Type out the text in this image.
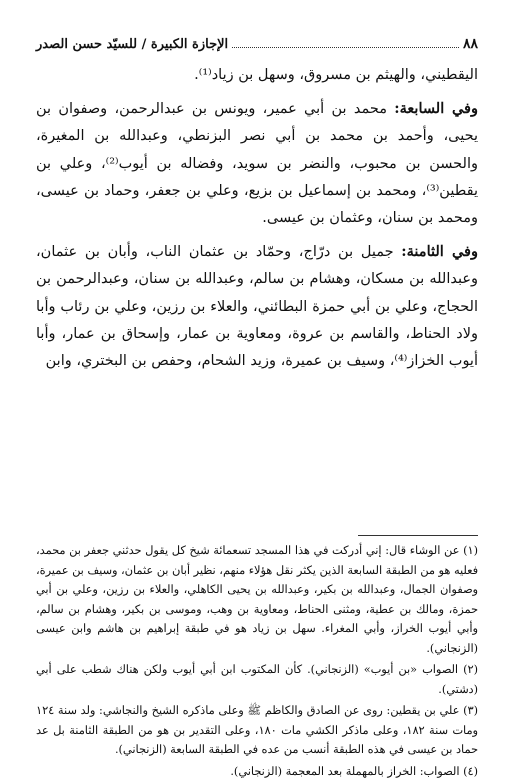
٨٨
الإجازة الكبيرة / للسيّد حسن الصدر

اليقطيني، والهيثم بن مسروق، وسهل بن زياد⁽¹⁾.

وفي السابعة: محمد بن أبي عمير، ويونس بن عبدالرحمن، وصفوان بن يحيى، وأحمد بن محمد بن أبي نصر البزنطي، وعبدالله بن المغيرة، والحسن بن محبوب، والنضر بن سويد، وفضاله بن أيوب⁽²⁾، وعلي بن يقطين⁽³⁾، ومحمد بن إسماعيل بن بزيع، وعلي بن جعفر، وحماد بن عيسى، ومحمد بن سنان، وعثمان بن عيسى.

وفي الثامنة: جميل بن درّاج، وحمّاد بن عثمان الناب، وأبان بن عثمان، وعبدالله بن مسكان، وهشام بن سالم، وعبدالله بن سنان، وعبدالرحمن بن الحجاج، وعلي بن أبي حمزة البطائني، والعلاء بن رزين، وعلي بن رئاب وأبا ولاد الحناط، والقاسم بن عروة، ومعاوية بن عمار، وإسحاق بن عمار، وأبا أيوب الخزاز⁽⁴⁾، وسيف بن عميرة، وزيد الشحام، وحفص بن البختري، وابن

(١) عن الوشاء قال: إني أدركت في هذا المسجد تسعمائة شيخ كل يقول حدثني جعفر بن محمد، فعليه هو من الطبقة السابعة الذين يكثر نقل هؤلاء منهم، نظير أبان بن عثمان، وسيف بن عميرة، وصفوان الجمال، وعبدالله بن بكير، وعبدالله بن يحيى الكاهلي، والعلاء بن رزين، وعلي بن أبي حمزة، ومالك بن عطية، ومثنى الحناط، ومعاوية بن وهب، وموسى بن بكير، وهشام بن سالم، وأبي أيوب الخراز، وأبي المغراء. سهل بن زياد هو في طبقة إبراهيم بن هاشم وابن عيسى (الزنجاني).

(٢) الصواب «بن أيوب» (الزنجاني). كأن المكتوب ابن أبي أيوب ولكن هناك شطب على أبي (دشتي).

(٣) علي بن يقطين: روى عن الصادق والكاظم ﷺ وعلى ماذكره الشيخ والنجاشي: ولد سنة ١٢٤ ومات سنة ١٨٢، وعلى ماذكر الكشي مات ١٨٠، وعلى التقدير بن هو من الطبقة الثامنة بل عد حماد بن عيسى في هذه الطبقة أنسب من عده في الطبقة السابعة (الزنجاني).

(٤) الصواب: الخراز بالمهملة بعد المعجمة (الزنجاني).
